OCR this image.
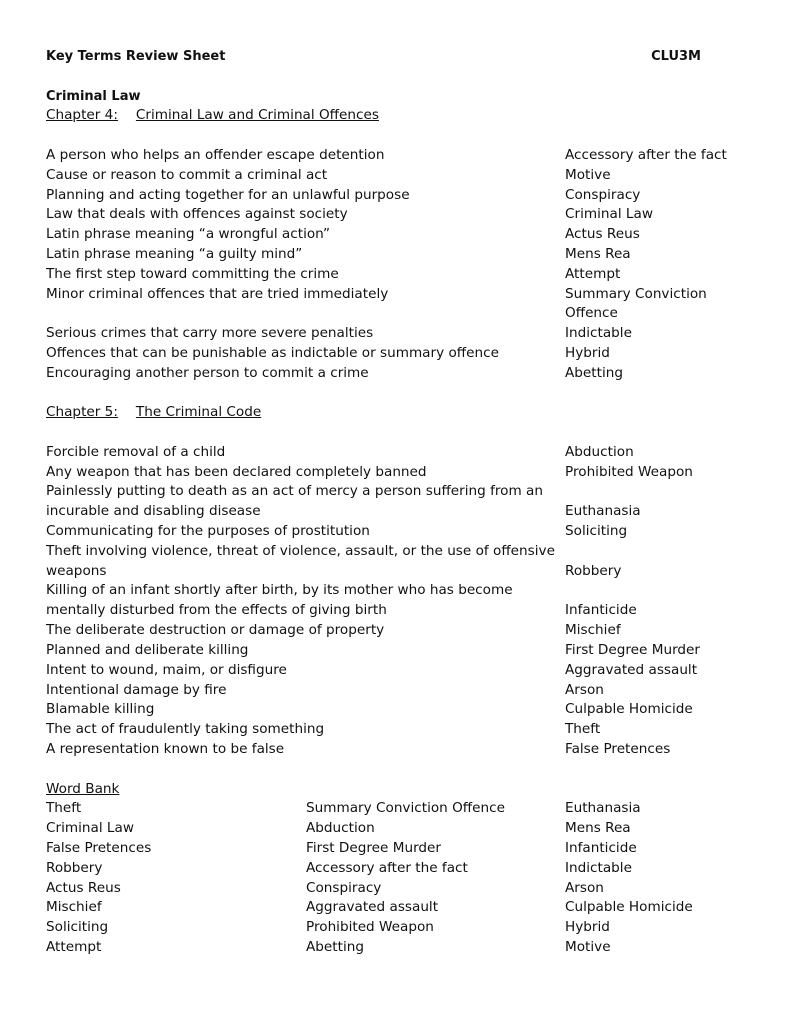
Key Terms Review Sheet	CLU3M
Criminal Law
Chapter 4: Criminal Law and Criminal Offences
A person who helps an offender escape detention	Accessory after the fact
Cause or reason to commit a criminal act	Motive
Planning and acting together for an unlawful purpose	Conspiracy
Law that deals with offences against society	Criminal Law
Latin phrase meaning “a wrongful action”	Actus Reus
Latin phrase meaning “a guilty mind”	Mens Rea
The first step toward committing the crime	Attempt
Minor criminal offences that are tried immediately	Summary Conviction
Offence
Serious crimes that carry more severe penalties	Indictable
Offences that can be punishable as indictable or summary offence	Hybrid
Encouraging another person to commit a crime	Abetting
Chapter 5: The Criminal Code
Forcible removal of a child	Abduction
Any weapon that has been declared completely banned	Prohibited Weapon
Painlessly putting to death as an act of mercy a person suffering from an
incurable and disabling disease	Euthanasia
Communicating for the purposes of prostitution	Soliciting
Theft involving violence, threat of violence, assault, or the use of offensive
weapons	Robbery
Killing of an infant shortly after birth, by its mother who has become
mentally disturbed from the effects of giving birth	Infanticide
The deliberate destruction or damage of property	Mischief
Planned and deliberate killing	First Degree Murder
Intent to wound, maim, or disfigure	Aggravated assault
Intentional damage by fire	Arson
Blamable killing	Culpable Homicide
The act of fraudulently taking something	Theft
A representation known to be false	False Pretences
Word Bank
Theft	Summary Conviction Offence	Euthanasia
Criminal Law	Abduction	Mens Rea
False Pretences	First Degree Murder	Infanticide
Robbery	Accessory after the fact	Indictable
Actus Reus	Conspiracy	Arson
Mischief	Aggravated assault	Culpable Homicide
Soliciting	Prohibited Weapon	Hybrid
Attempt	Abetting	Motive
